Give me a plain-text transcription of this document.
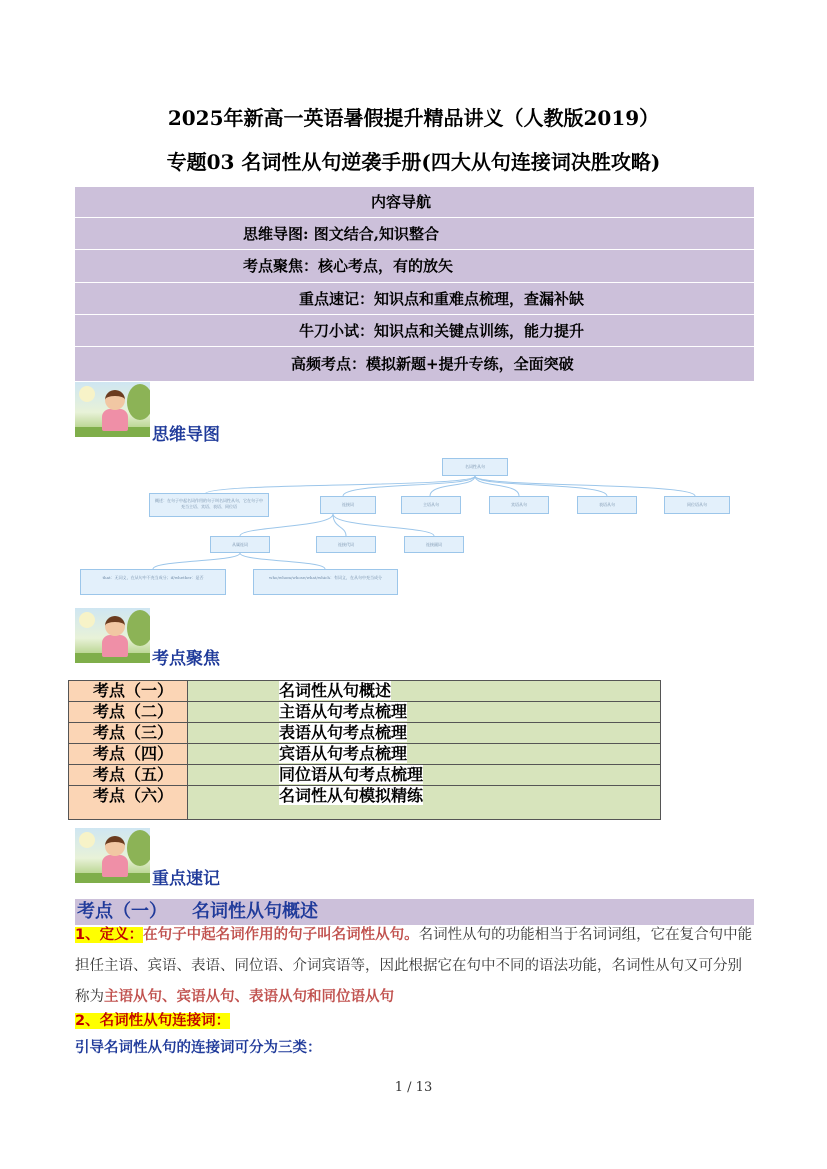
2025年新高一英语暑假提升精品讲义（人教版2019）
专题03 名词性从句逆袭手册(四大从句连接词决胜攻略)
内容导航
思维导图: 图文结合,知识整合
考点聚焦：核心考点，有的放矢
重点速记：知识点和重难点梳理，查漏补缺
牛刀小试：知识点和关键点训练，能力提升
高频考点：模拟新题+提升专练，全面突破
思维导图
名词性从句
概述：在句子中起名词作用的句子叫名词性从句，它在句子中充当主语、宾语、表语、同位语	连接词	主语从句	宾语从句	表语从句	同位语从句
从属连词	连接代词	连接副词
that：无词义，在从句中不充当成分；if/whether：是否	who/whom/whose/what/which：有词义，在从句中充当成分
考点聚焦
考点（一）	名词性从句概述
考点（二）	主语从句考点梳理
考点（三）	表语从句考点梳理
考点（四）	宾语从句考点梳理
考点（五）	同位语从句考点梳理
考点（六）	名词性从句模拟精练
重点速记
考点（一） 名词性从句概述
1、定义：在句子中起名词作用的句子叫名词性从句。名词性从句的功能相当于名词词组，它在复合句中能担任主语、宾语、表语、同位语、介词宾语等，因此根据它在句中不同的语法功能，名词性从句又可分别称为主语从句、宾语从句、表语从句和同位语从句
2、名词性从句连接词：
引导名词性从句的连接词可分为三类：
1 / 13
